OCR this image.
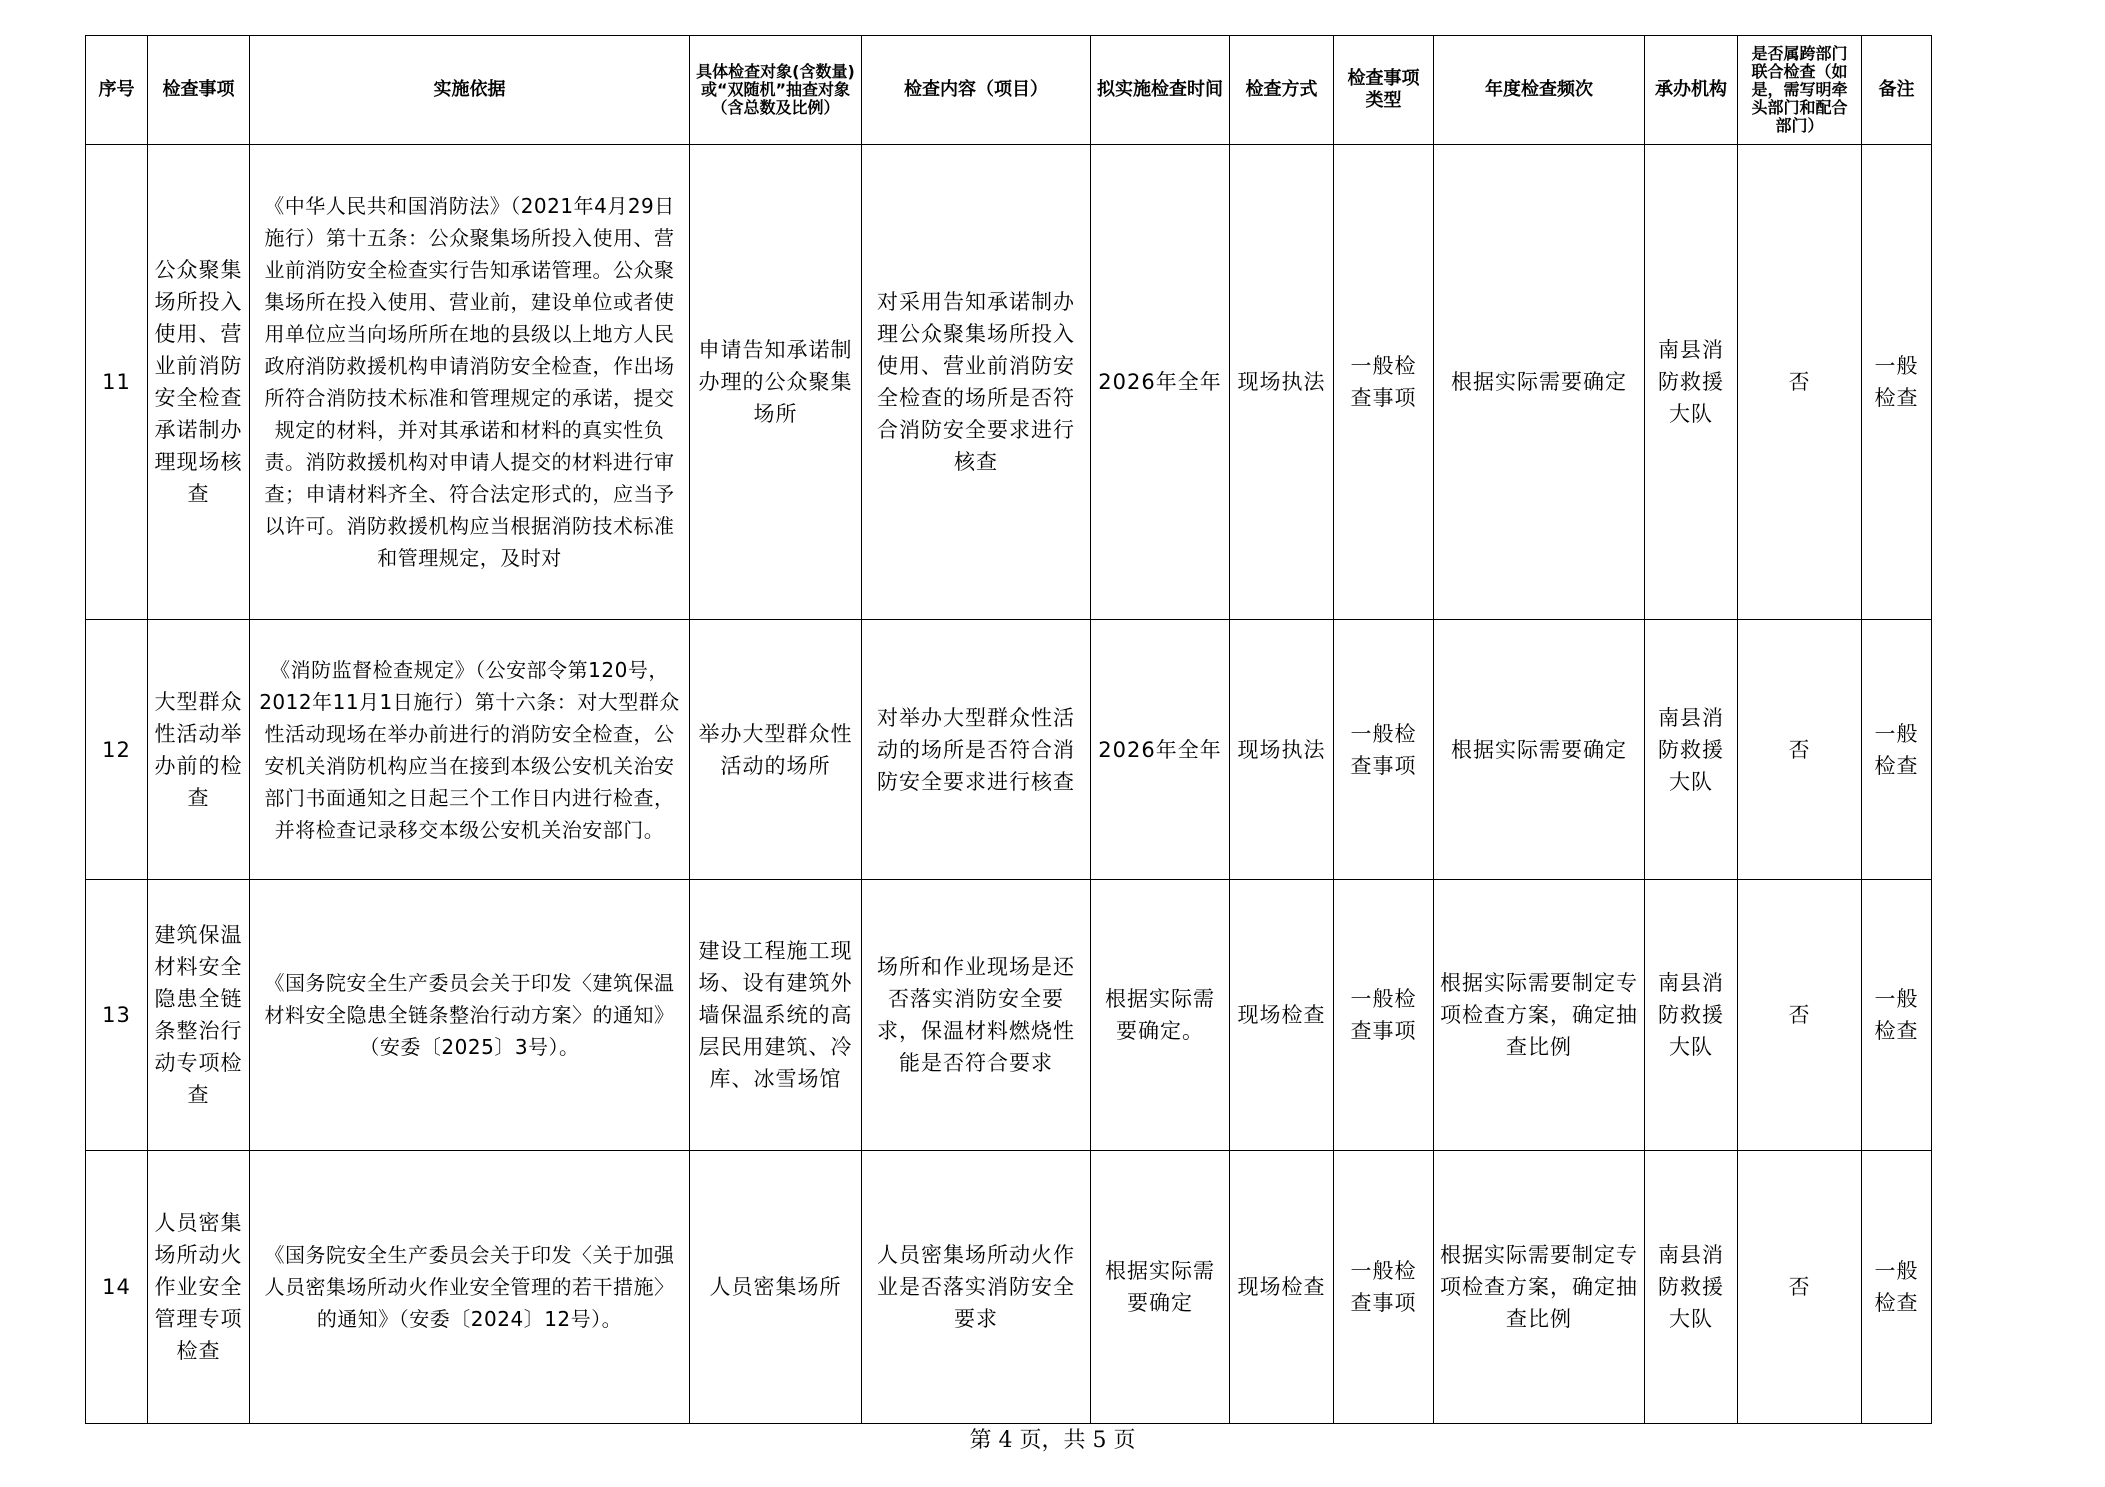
序号	检查事项	实施依据	具体检查对象(含数量)或“双随机”抽查对象（含总数及比例）	检查内容（项目）	拟实施检查时间	检查方式	检查事项类型	年度检查频次	承办机构	是否属跨部门联合检查（如是，需写明牵头部门和配合部门）	备注
11	公众聚集场所投入使用、营业前消防安全检查承诺制办理现场核查	《中华人民共和国消防法》（2021年4月29日施行）第十五条：公众聚集场所投入使用、营业前消防安全检查实行告知承诺管理。公众聚集场所在投入使用、营业前，建设单位或者使用单位应当向场所所在地的县级以上地方人民政府消防救援机构申请消防安全检查，作出场所符合消防技术标准和管理规定的承诺，提交规定的材料，并对其承诺和材料的真实性负责。消防救援机构对申请人提交的材料进行审查；申请材料齐全、符合法定形式的，应当予以许可。消防救援机构应当根据消防技术标准和管理规定，及时对	申请告知承诺制办理的公众聚集场所	对采用告知承诺制办理公众聚集场所投入使用、营业前消防安全检查的场所是否符合消防安全要求进行核查	2026年全年	现场执法	一般检查事项	根据实际需要确定	南县消防救援大队	否	一般检查
12	大型群众性活动举办前的检查	《消防监督检查规定》（公安部令第120号，2012年11月1日施行）第十六条：对大型群众性活动现场在举办前进行的消防安全检查，公安机关消防机构应当在接到本级公安机关治安部门书面通知之日起三个工作日内进行检查，并将检查记录移交本级公安机关治安部门。	举办大型群众性活动的场所	对举办大型群众性活动的场所是否符合消防安全要求进行核查	2026年全年	现场执法	一般检查事项	根据实际需要确定	南县消防救援大队	否	一般检查
13	建筑保温材料安全隐患全链条整治行动专项检查	《国务院安全生产委员会关于印发〈建筑保温材料安全隐患全链条整治行动方案〉的通知》（安委〔2025〕3号）。	建设工程施工现场、设有建筑外墙保温系统的高层民用建筑、冷库、冰雪场馆	场所和作业现场是还否落实消防安全要求，保温材料燃烧性能是否符合要求	根据实际需要确定。	现场检查	一般检查事项	根据实际需要制定专项检查方案，确定抽查比例	南县消防救援大队	否	一般检查
14	人员密集场所动火作业安全管理专项检查	《国务院安全生产委员会关于印发〈关于加强人员密集场所动火作业安全管理的若干措施〉的通知》（安委〔2024〕12号）。	人员密集场所	人员密集场所动火作业是否落实消防安全要求	根据实际需要确定	现场检查	一般检查事项	根据实际需要制定专项检查方案，确定抽查比例	南县消防救援大队	否	一般检查
第 4 页，共 5 页
